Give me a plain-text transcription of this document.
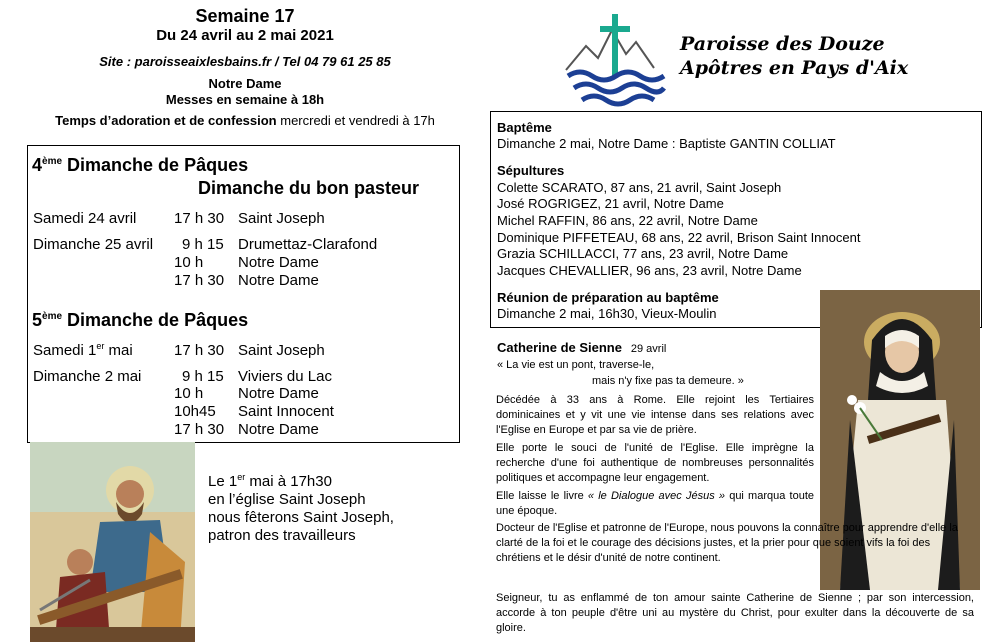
Semaine 17
Du 24 avril au 2 mai 2021
Site : paroisseaixlesbains.fr / Tel 04 79 61 25 85
Notre Dame
Messes en semaine à 18h
Temps d’adoration et de confession mercredi et vendredi à 17h
Paroisse des Douze
Apôtres en Pays d'Aix
4ème Dimanche de Pâques
Dimanche du bon pasteur
Samedi 24 avril	17 h 30 Saint Joseph
Dimanche 25 avril 9 h 15 Drumettaz-Clarafond
10 h Notre Dame
17 h 30 Notre Dame
5ème Dimanche de Pâques
Samedi 1er mai	17 h 30 Saint Joseph
Dimanche 2 mai	9 h 15 Viviers du Lac
10 h Notre Dame
10h45 Saint Innocent
17 h 30 Notre Dame
Le 1er mai à 17h30
en l’église Saint Joseph
nous fêterons Saint Joseph,
patron des travailleurs
Baptême
Dimanche 2 mai, Notre Dame : Baptiste GANTIN COLLIAT
Sépultures
Colette SCARATO, 87 ans, 21 avril, Saint Joseph
José ROGRIGEZ, 21 avril, Notre Dame
Michel RAFFIN, 86 ans, 22 avril, Notre Dame
Dominique PIFFETEAU, 68 ans, 22 avril, Brison Saint Innocent
Grazia SCHILLACCI, 77 ans, 23 avril, Notre Dame
Jacques CHEVALLIER, 96 ans, 23 avril, Notre Dame
Réunion de préparation au baptême
Dimanche 2 mai, 16h30, Vieux-Moulin
Catherine de Sienne 29 avril
« La vie est un pont, traverse-le,
mais n'y fixe pas ta demeure. »
Décédée à 33 ans à Rome. Elle rejoint les Tertiaires dominicaines et y vit une vie intense dans ses relations avec l'Eglise en Europe et par sa vie de prière.
Elle porte le souci de l'unité de l'Eglise. Elle imprègne la recherche d'une foi authentique de nombreuses personnalités politiques et accompagne leur engagement.
Elle laisse le livre « le Dialogue avec Jésus » qui marqua toute une époque.
Docteur de l'Eglise et patronne de l'Europe, nous pouvons la connaître pour apprendre d'elle la clarté de la foi et le courage des décisions justes, et la prier pour que soient vifs la foi des chrétiens et le désir d'unité de notre continent.
Seigneur, tu as enflammé de ton amour sainte Catherine de Sienne ; par son intercession, accorde à ton peuple d'être uni au mystère du Christ, pour exulter dans la découverte de sa gloire.
